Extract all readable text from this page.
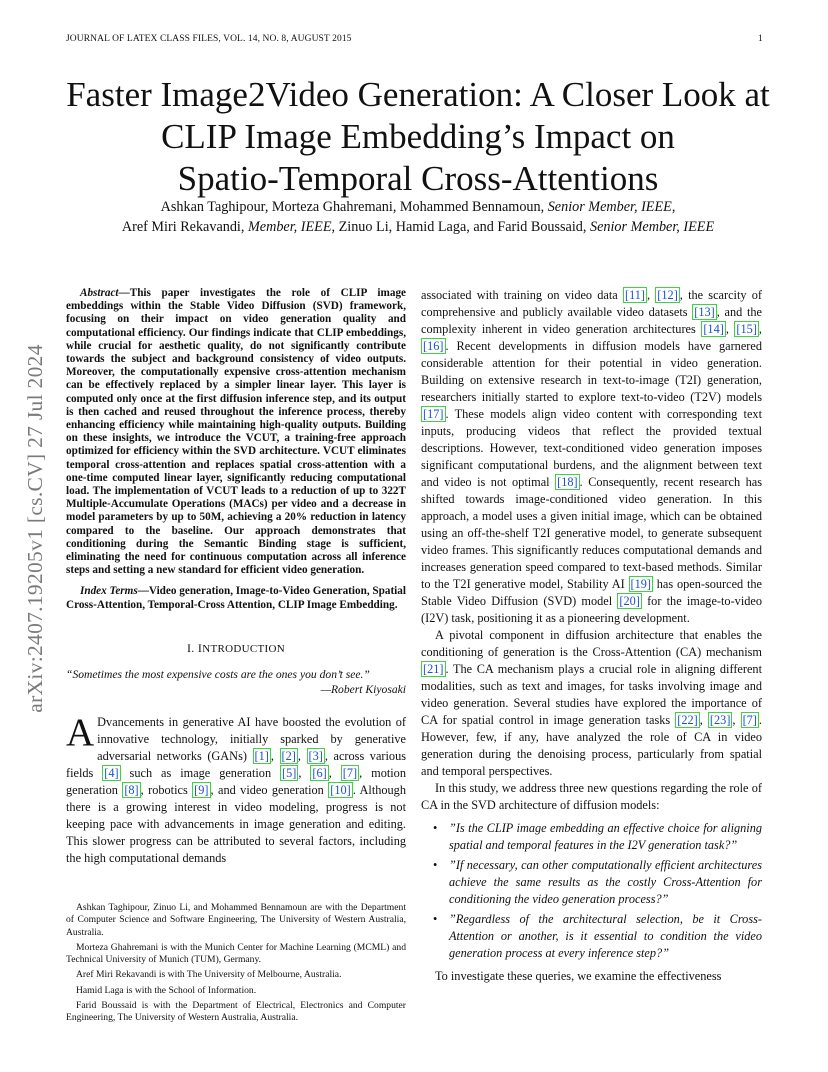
JOURNAL OF LATEX CLASS FILES, VOL. 14, NO. 8, AUGUST 2015	1
arXiv:2407.19205v1 [cs.CV] 27 Jul 2024
Faster Image2Video Generation: A Closer Look at
CLIP Image Embedding’s Impact on
Spatio-Temporal Cross-Attentions
Ashkan Taghipour, Morteza Ghahremani, Mohammed Bennamoun, Senior Member, IEEE,
Aref Miri Rekavandi, Member, IEEE, Zinuo Li, Hamid Laga, and Farid Boussaid, Senior Member, IEEE

Abstract—This paper investigates the role of CLIP image embeddings within the Stable Video Diffusion (SVD) framework, focusing on their impact on video generation quality and computational efficiency. Our findings indicate that CLIP embeddings, while crucial for aesthetic quality, do not significantly contribute towards the subject and background consistency of video outputs. Moreover, the computationally expensive cross-attention mechanism can be effectively replaced by a simpler linear layer. This layer is computed only once at the first diffusion inference step, and its output is then cached and reused throughout the inference process, thereby enhancing efficiency while maintaining high-quality outputs. Building on these insights, we introduce the VCUT, a training-free approach optimized for efficiency within the SVD architecture. VCUT eliminates temporal cross-attention and replaces spatial cross-attention with a one-time computed linear layer, significantly reducing computational load. The implementation of VCUT leads to a reduction of up to 322T Multiple-Accumulate Operations (MACs) per video and a decrease in model parameters by up to 50M, achieving a 20% reduction in latency compared to the baseline. Our approach demonstrates that conditioning during the Semantic Binding stage is sufficient, eliminating the need for continuous computation across all inference steps and setting a new standard for efficient video generation.

Index Terms—Video generation, Image-to-Video Generation, Spatial Cross-Attention, Temporal-Cross Attention, CLIP Image Embedding.

I. INTRODUCTION

“Sometimes the most expensive costs are the ones you don’t see.”

—Robert Kiyosaki

A Dvancements in generative AI have boosted the evolution of innovative technology, initially sparked by generative adversarial networks (GANs) [1] , [2] , [3] , across various fields [4] such as image generation [5] , [6] , [7] , motion generation [8] , robotics [9] , and video generation [10] . Although there is a growing interest in video modeling, progress is not keeping pace with advancements in image generation and editing. This slower progress can be attributed to several factors, including the high computational demands

Ashkan Taghipour, Zinuo Li, and Mohammed Bennamoun are with the Department of Computer Science and Software Engineering, The University of Western Australia, Australia.

Morteza Ghahremani is with the Munich Center for Machine Learning (MCML) and Technical University of Munich (TUM), Germany.

Aref Miri Rekavandi is with The University of Melbourne, Australia.

Hamid Laga is with the School of Information.

Farid Boussaid is with the Department of Electrical, Electronics and Computer Engineering, The University of Western Australia, Australia.

associated with training on video data [11] , [12] , the scarcity of comprehensive and publicly available video datasets [13] , and the complexity inherent in video generation architectures [14] , [15] , [16] . Recent developments in diffusion models have garnered considerable attention for their potential in video generation. Building on extensive research in text-to-image (T2I) generation, researchers initially started to explore text-to-video (T2V) models [17] . These models align video content with corresponding text inputs, producing videos that reflect the provided textual descriptions. However, text-conditioned video generation imposes significant computational burdens, and the alignment between text and video is not optimal [18] . Consequently, recent research has shifted towards image-conditioned video generation. In this approach, a model uses a given initial image, which can be obtained using an off-the-shelf T2I generative model, to generate subsequent video frames. This significantly reduces computational demands and increases generation speed compared to text-based methods. Similar to the T2I generative model, Stability AI [19] has open-sourced the Stable Video Diffusion (SVD) model [20] for the image-to-video (I2V) task, positioning it as a pioneering development.

A pivotal component in diffusion architecture that enables the conditioning of generation is the Cross-Attention (CA) mechanism [21] . The CA mechanism plays a crucial role in aligning different modalities, such as text and images, for tasks involving image and video generation. Several studies have explored the importance of CA for spatial control in image generation tasks [22] , [23] , [7] . However, few, if any, have analyzed the role of CA in video generation during the denoising process, particularly from spatial and temporal perspectives.

In this study, we address three new questions regarding the role of CA in the SVD architecture of diffusion models:

• ”Is the CLIP image embedding an effective choice for aligning spatial and temporal features in the I2V generation task?”
• ”If necessary, can other computationally efficient architectures achieve the same results as the costly Cross-Attention for conditioning the video generation process?”
• ”Regardless of the architectural selection, be it Cross-Attention or another, is it essential to condition the video generation process at every inference step?”

To investigate these queries, we examine the effectiveness
